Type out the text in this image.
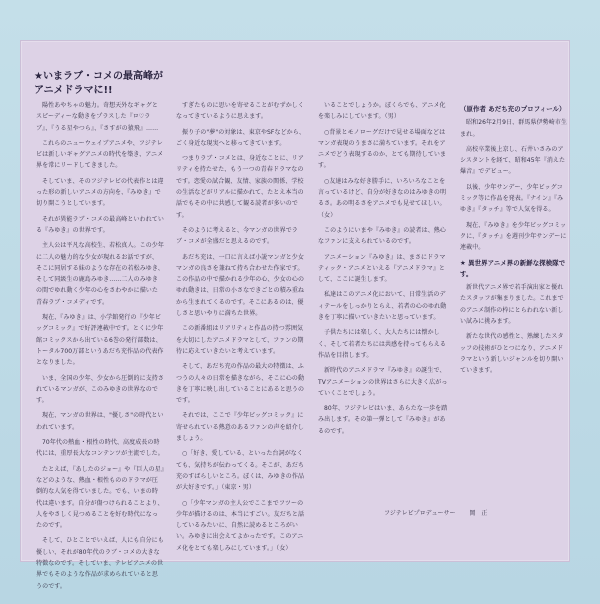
★いまラブ・コメの最高峰が
アニメドラマに!!

陽性あやちゃの魅力。奇想天外なギャグとスピーディーな動きをプラスした『ロ♡ラブ』、『うる星やつら』、『さすがの猿飛』……

これらのニューウェイブアニメや、フジテレビは新しいギャグアニメの時代を築き、アニメ界を常にリードしてきました。

そしていま、そのフジテレビの代表作とは違った形の新しいアニメの方向を、『みゆき』で切り開こうとしています。

それが異能ラブ・コメの最高峰といわれている『みゆき』の世界です。

主人公は平凡な高校生、若松真人。この少年に二人の魅力的な少女が現れるお話ですが、そこに同居する妹のような存在の若松みゆき、そして同級生の鹿島みゆき……二人のみゆきの間でゆれ動く少年の心をさわやかに描いた青春ラブ・コメディです。

現在、『みゆき』は、小学館発行の『少年ビッグコミック』で好評連載中です。とくに少年館コミックスから出ている6巻の発行部数は、トータル700万部というあだち充作品の代表作となりました。

いま、全国の少年、少女から圧倒的に支持されているマンガが、このみゆきの世界なのです。

現在、マンガの世界は、"優しさ"の時代といわれています。

70年代の熱血・根性の時代、高度成長の時代には、重厚長大なコンテンツが主流でした。

たとえば、『あしたのジョー』や『巨人の星』などのような、熱血・根性もののドラマが圧倒的な人気を得ていました。でも、いまの時代は違います。自分が傷つけられることより、人をやさしく見つめることを好む時代になったのです。

そして、ひとことでいえば、人にも自分にも優しい、それが80年代のラブ・コメの大きな特徴なのです。そしていま、テレビアニメの世界でもそのような作品が求められていると思うのです。

すぎたものに思いを寄せることがむずかしくなってきているように思えます。

振り子の"夢"の対象は、東京やSFなどから、ごく身近な現実へと移ってきています。

つまりラブ・コメとは、身近なことに、リアリティを持たせた、もう一つの青春ドラマなのです。恋愛の試合観、友情、家族の関係、学校の生活などがリアルに描かれて、たとえ本当の話でもその中に共感して観る読者が多いのです。

そのように考えると、今マンガの世界でラブ・コメが全盛だと思えるのです。

あだち充は、一口に言えば小説マンガと少女マンガの良さを兼ねて持ち合わせた作家です。この作品の中で描かれる少年の心、少女の心のゆれ動きは、日常の小さなできごとの積み重ねから生まれてくるのです。そこにあるのは、優しさと思いやりに満ちた世界。

この新番組はリアリティと作品の持つ雰囲気を大切にしたアニメドラマとして、ファンの期待に応えていきたいと考えています。

そして、あだち充の作品の最大の特徴は、ふつうの人々の日常を描きながら、そこに心の動きを丁寧に映し出していることにあると思うのです。

それでは、ここで『少年ビッグコミック』に寄せられている熱意のあるファンの声を紹介しましょう。

○「好き、愛している、といった台詞がなくても、気持ちが伝わってくる。そこが、あだち充のすばらしいところ。ぼくは、みゆきの作品が大好きです。」（東京・男）

○「少年マンガの主人公でここまでフツーの少年が描けるのは、本当にすごい。友だちと話しているみたいに、自然に読めるところがいい。みゆきに出会えてよかったです。このアニメ化をとても楽しみにしています。」（女）

いることでしょうか。ぼくらでも、アニメ化を楽しみにしています。（男）

○背景とモノローグだけで見せる場面などはマンガ表現のうまさに満ちています。それをアニメでどう表現するのか、とても期待しています。

○友達はみな好き勝手に、いろいろなことを言っているけど、自分が好きなのはみゆきの明るさ。あの明るさをアニメでも見せてほしい。（女）

このようにいまや『みゆき』の読者は、熱心なファンに支えられているのです。

アニメーション『みゆき』は、まさにドラマティック・アニメといえる『アニメドラマ』として、ここに誕生します。

私達はこのアニメ化において、日常生活のディテールをしっかりとらえ、若者の心のゆれ動きを丁寧に描いていきたいと思っています。

子供たちには楽しく、大人たちには懐かしく、そして若者たちには共感を持ってもらえる作品を目指します。

新時代のアニメドラマ『みゆき』の誕生で、TVアニメーションの世界はさらに大きく広がっていくことでしょう。

80年、フジテレビはいま、あらたな一歩を踏み出します。その第一弾として『みゆき』があるのです。

（原作者 あだち充のプロフィール）

昭和26年2月9日、群馬県伊勢崎市生まれ。

高校卒業後上京し、石井いさみのアシスタントを経て、昭和45年『消えた爆音』でデビュー。

以後、少年サンデー、少年ビッグコミック等に作品を発表。『ナイン』『みゆき』『タッチ』等で人気を得る。

現在、『みゆき』を少年ビッグコミックに、『タッチ』を週刊少年サンデーに連載中。

★ 異世界アニメ界の新鮮な探検隊です。

新世代アニメ界で若手演出家と優れたスタッフが集まりました。これまでのアニメ制作の枠にとらわれない新しい試みに挑みます。

新たな世代の感性と、熟練したスタッフの技術がひとつになり、アニメドラマという新しいジャンルを切り開いていきます。

フジテレビプロデューサー 岡　正
